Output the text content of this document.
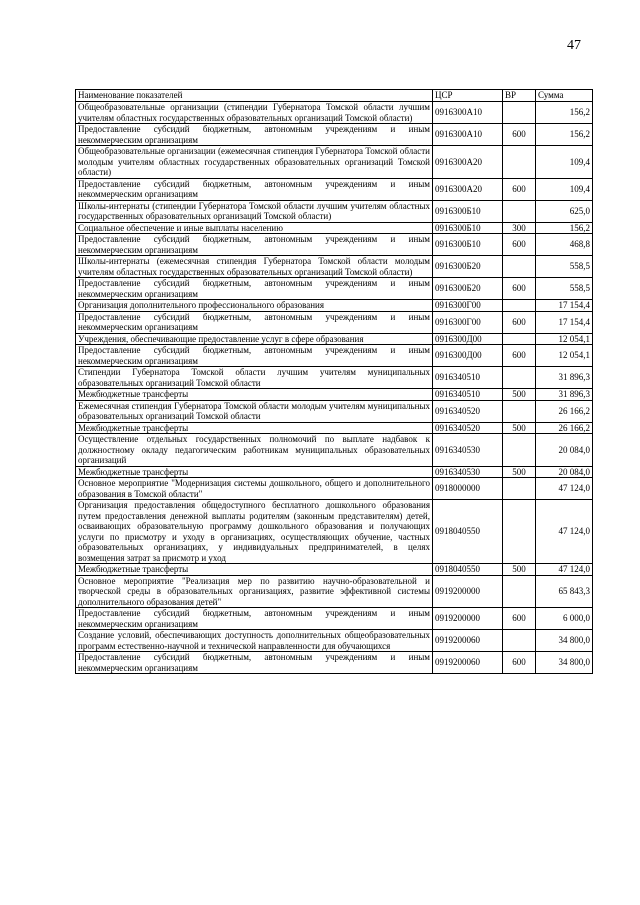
47
Наименование показателей	ЦСР	ВР	Сумма
Общеобразовательные организации (стипендии Губернатора Томской области лучшим учителям областных государственных образовательных организаций Томской области)	0916300А10		156,2
Предоставление субсидий бюджетным, автономным учреждениям и иным некоммерческим организациям	0916300А10	600	156,2
Общеобразовательные организации (ежемесячная стипендия Губернатора Томской области молодым учителям областных государственных образовательных организаций Томской области)	0916300А20		109,4
Предоставление субсидий бюджетным, автономным учреждениям и иным некоммерческим организациям	0916300А20	600	109,4
Школы-интернаты (стипендии Губернатора Томской области лучшим учителям областных государственных образовательных организаций Томской области)	0916300Б10		625,0
Социальное обеспечение и иные выплаты населению	0916300Б10	300	156,2
Предоставление субсидий бюджетным, автономным учреждениям и иным некоммерческим организациям	0916300Б10	600	468,8
Школы-интернаты (ежемесячная стипендия Губернатора Томской области молодым учителям областных государственных образовательных организаций Томской области)	0916300Б20		558,5
Предоставление субсидий бюджетным, автономным учреждениям и иным некоммерческим организациям	0916300Б20	600	558,5
Организация дополнительного профессионального образования	0916300Г00		17 154,4
Предоставление субсидий бюджетным, автономным учреждениям и иным некоммерческим организациям	0916300Г00	600	17 154,4
Учреждения, обеспечивающие предоставление услуг в сфере образования	0916300Д00		12 054,1
Предоставление субсидий бюджетным, автономным учреждениям и иным некоммерческим организациям	0916300Д00	600	12 054,1
Стипендии Губернатора Томской области лучшим учителям муниципальных образовательных организаций Томской области	0916340510		31 896,3
Межбюджетные трансферты	0916340510	500	31 896,3
Ежемесячная стипендия Губернатора Томской области молодым учителям муниципальных образовательных организаций Томской области	0916340520		26 166,2
Межбюджетные трансферты	0916340520	500	26 166,2
Осуществление отдельных государственных полномочий по выплате надбавок к должностному окладу педагогическим работникам муниципальных образовательных организаций	0916340530		20 084,0
Межбюджетные трансферты	0916340530	500	20 084,0
Основное мероприятие "Модернизация системы дошкольного, общего и дополнительного образования в Томской области"	0918000000		47 124,0
Организация предоставления общедоступного бесплатного дошкольного образования путем предоставления денежной выплаты родителям (законным представителям) детей, осваивающих образовательную программу дошкольного образования и получающих услуги по присмотру и уходу в организациях, осуществляющих обучение, частных образовательных организациях, у индивидуальных предпринимателей, в целях возмещения затрат за присмотр и уход	0918040550		47 124,0
Межбюджетные трансферты	0918040550	500	47 124,0
Основное мероприятие "Реализация мер по развитию научно-образовательной и творческой среды в образовательных организациях, развитие эффективной системы дополнительного образования детей"	0919200000		65 843,3
Предоставление субсидий бюджетным, автономным учреждениям и иным некоммерческим организациям	0919200000	600	6 000,0
Создание условий, обеспечивающих доступность дополнительных общеобразовательных программ естественно-научной и технической направленности для обучающихся	0919200060		34 800,0
Предоставление субсидий бюджетным, автономным учреждениям и иным некоммерческим организациям	0919200060	600	34 800,0
